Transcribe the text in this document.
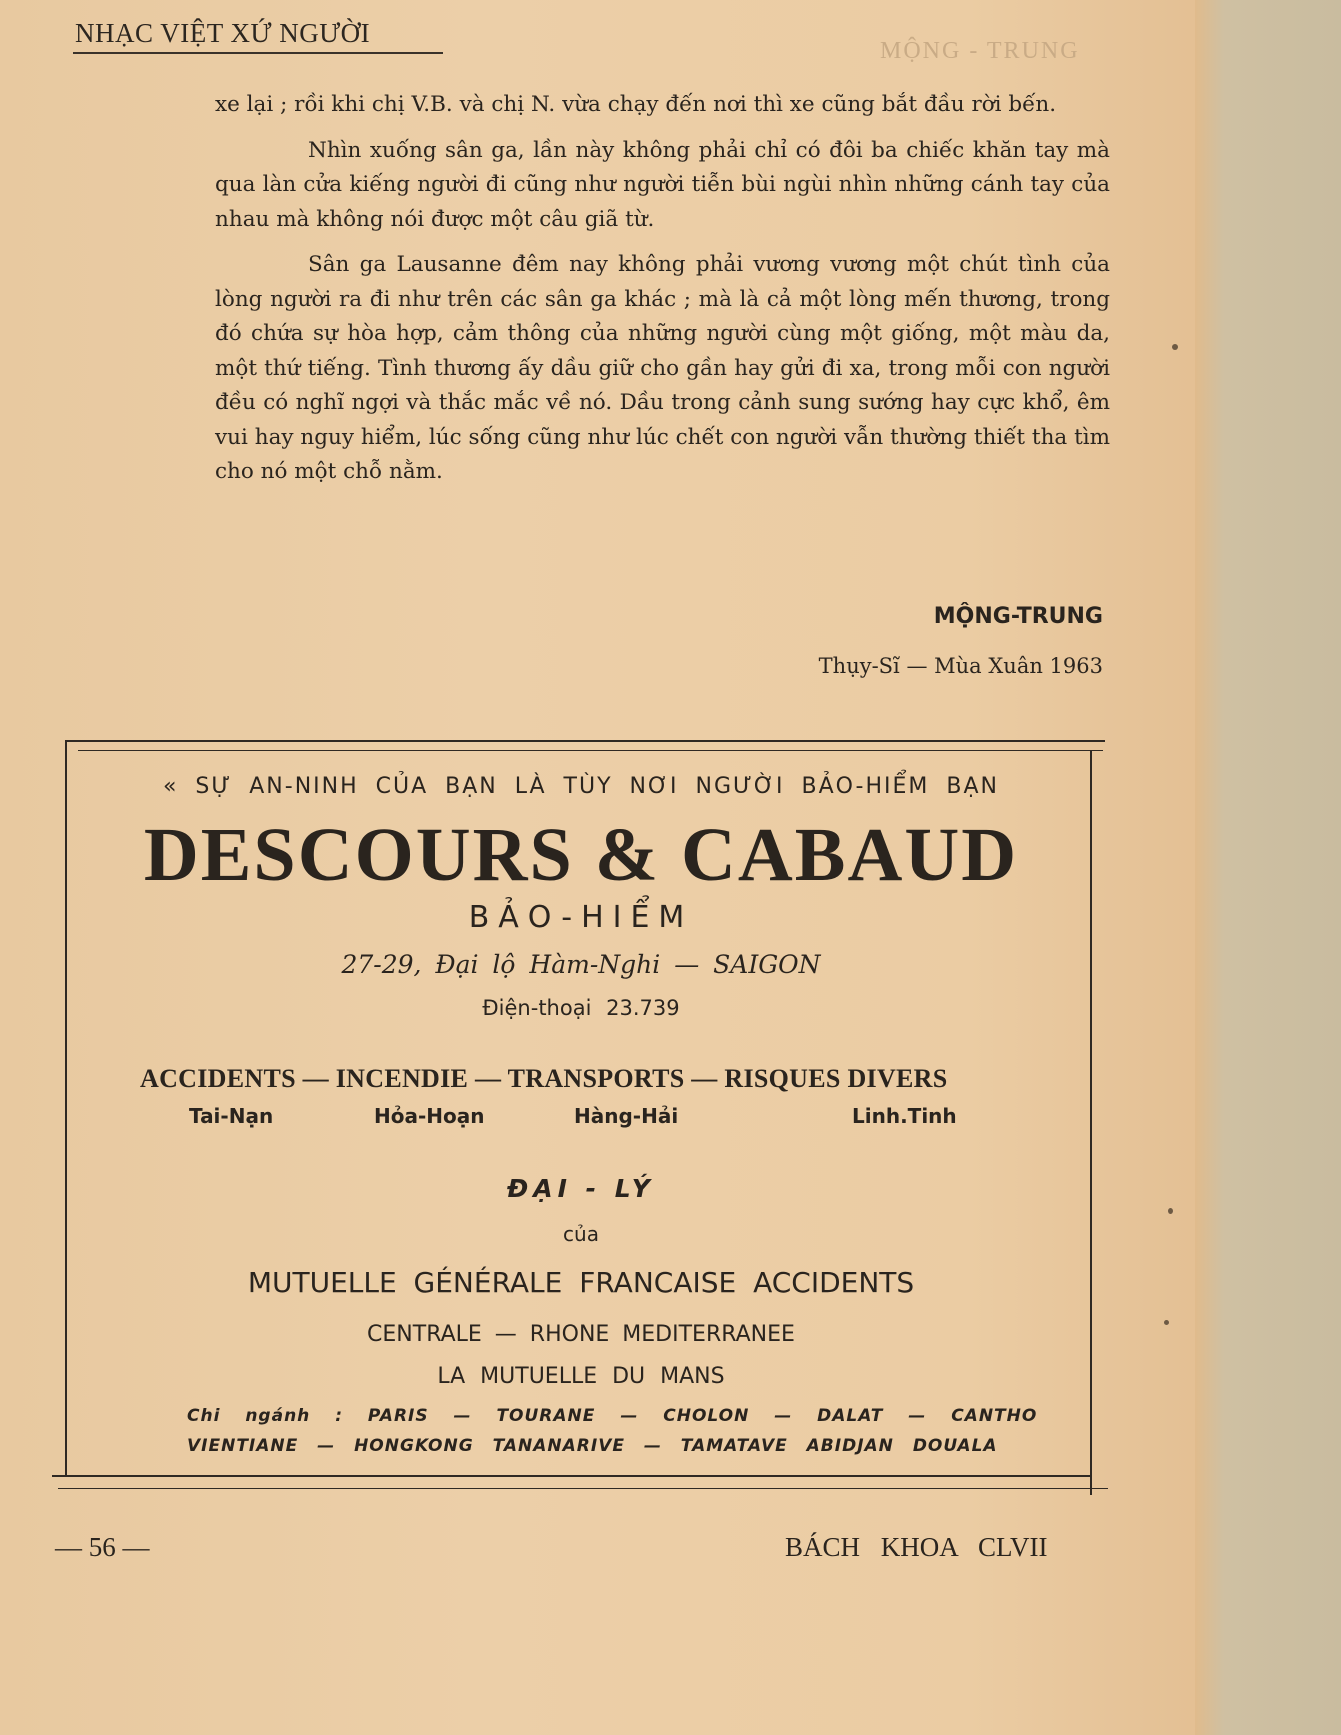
NHẠC VIỆT XỨ NGƯỜI
MỘNG - TRUNG

xe lại ; rồi khi chị V.B. và chị N. vừa chạy đến nơi thì xe cũng bắt đầu rời bến.

Nhìn xuống sân ga, lần này không phải chỉ có đôi ba chiếc khăn tay mà qua làn cửa kiếng người đi cũng như người tiễn bùi ngùi nhìn những cánh tay của nhau mà không nói được một câu giã từ.

Sân ga Lausanne đêm nay không phải vương vương một chút tình của lòng người ra đi như trên các sân ga khác ; mà là cả một lòng mến thương, trong đó chứa sự hòa hợp, cảm thông của những người cùng một giống, một màu da, một thứ tiếng. Tình thương ấy dầu giữ cho gần hay gửi đi xa, trong mỗi con người đều có nghĩ ngợi và thắc mắc về nó. Dầu trong cảnh sung sướng hay cực khổ, êm vui hay nguy hiểm, lúc sống cũng như lúc chết con người vẫn thường thiết tha tìm cho nó một chỗ nằm.

MỘNG-TRUNG
Thụy-Sĩ — Mùa Xuân 1963
« SỰ AN-NINH CỦA BẠN LÀ TÙY NƠI NGƯỜI BẢO-HIỂM BẠN
DESCOURS & CABAUD
BẢO-HIỂM
27-29, Đại lộ Hàm-Nghi — SAIGON
Điện-thoại 23.739
ACCIDENTS — INCENDIE — TRANSPORTS — RISQUES DIVERS
Tai-Nạn	Hỏa-Hoạn	Hàng-Hải	Linh.Tinh
ĐẠI - LÝ
của
MUTUELLE GÉNÉRALE FRANCAISE ACCIDENTS
CENTRALE — RHONE MEDITERRANEE
LA MUTUELLE DU MANS
Chi ngánh : PARIS — TOURANE — CHOLON — DALAT — CANTHO
VIENTIANE — HONGKONG TANANARIVE — TAMATAVE ABIDJAN DOUALA
— 56 —	BÁCH KHOA CLVII
